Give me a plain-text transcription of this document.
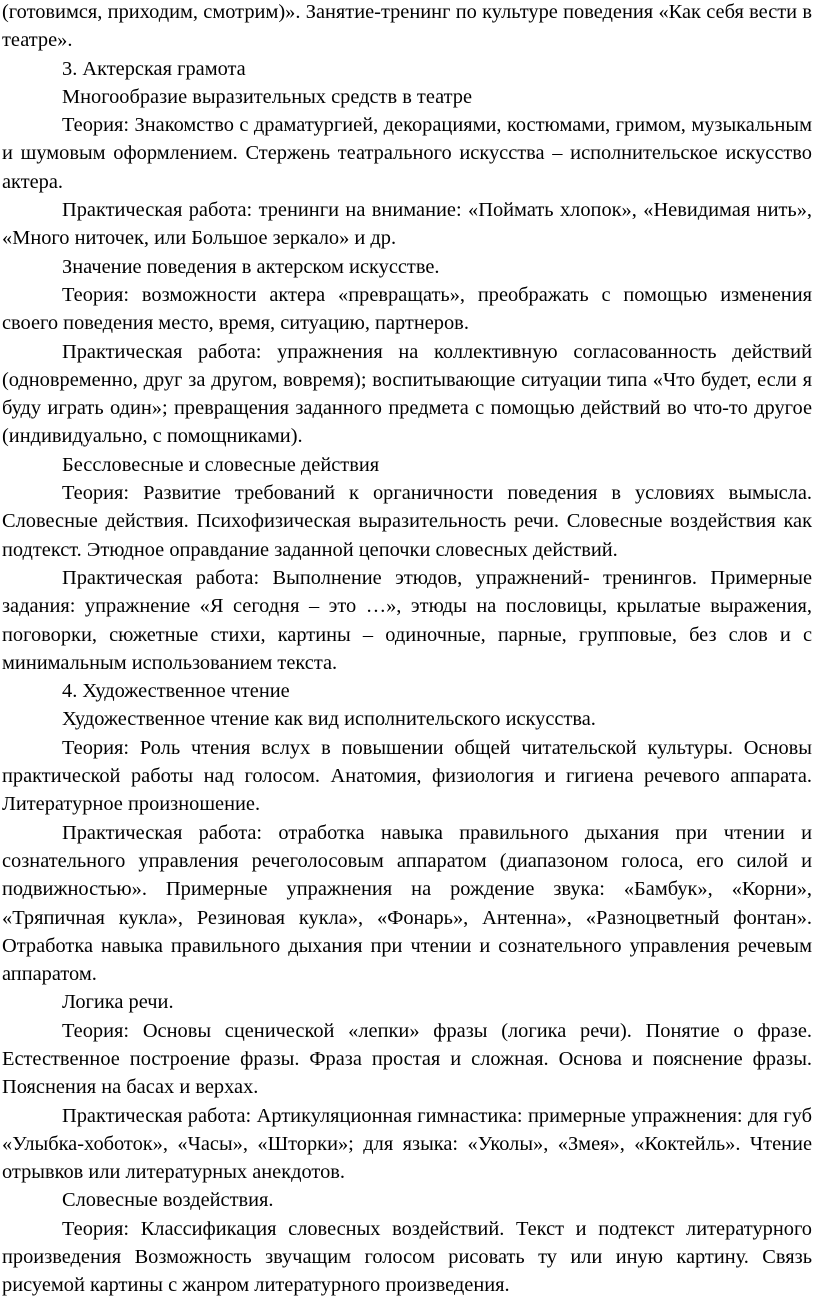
(готовимся, приходим, смотрим)». Занятие-тренинг по культуре поведения «Как себя вести в театре».

3. Актерская грамота

Многообразие выразительных средств в театре

Теория: Знакомство с драматургией, декорациями, костюмами, гримом, музыкальным и шумовым оформлением. Стержень театрального искусства – исполнительское искусство актера.

Практическая работа: тренинги на внимание: «Поймать хлопок», «Невидимая нить», «Много ниточек, или Большое зеркало» и др.

Значение поведения в актерском искусстве.

Теория: возможности актера «превращать», преображать с помощью изменения своего поведения место, время, ситуацию, партнеров.

Практическая работа: упражнения на коллективную согласованность действий (одновременно, друг за другом, вовремя); воспитывающие ситуации типа «Что будет, если я буду играть один»; превращения заданного предмета с помощью действий во что-то другое (индивидуально, с помощниками).

Бессловесные и словесные действия

Теория: Развитие требований к органичности поведения в условиях вымысла. Словесные действия. Психофизическая выразительность речи. Словесные воздействия как подтекст. Этюдное оправдание заданной цепочки словесных действий.

Практическая работа: Выполнение этюдов, упражнений- тренингов. Примерные задания: упражнение «Я сегодня – это …», этюды на пословицы, крылатые выражения, поговорки, сюжетные стихи, картины – одиночные, парные, групповые, без слов и с минимальным использованием текста.

4. Художественное чтение

Художественное чтение как вид исполнительского искусства.

Теория: Роль чтения вслух в повышении общей читательской культуры. Основы практической работы над голосом. Анатомия, физиология и гигиена речевого аппарата. Литературное произношение.

Практическая работа: отработка навыка правильного дыхания при чтении и сознательного управления речеголосовым аппаратом (диапазоном голоса, его силой и подвижностью». Примерные упражнения на рождение звука: «Бамбук», «Корни», «Тряпичная кукла», Резиновая кукла», «Фонарь», Антенна», «Разноцветный фонтан». Отработка навыка правильного дыхания при чтении и сознательного управления речевым аппаратом.

Логика речи.

Теория: Основы сценической «лепки» фразы (логика речи). Понятие о фразе. Естественное построение фразы. Фраза простая и сложная. Основа и пояснение фразы. Пояснения на басах и верхах.

Практическая работа: Артикуляционная гимнастика: примерные упражнения: для губ «Улыбка-хоботок», «Часы», «Шторки»; для языка: «Уколы», «Змея», «Коктейль». Чтение отрывков или литературных анекдотов.

Словесные воздействия.

Теория: Классификация словесных воздействий. Текст и подтекст литературного произведения Возможность звучащим голосом рисовать ту или иную картину. Связь рисуемой картины с жанром литературного произведения.
